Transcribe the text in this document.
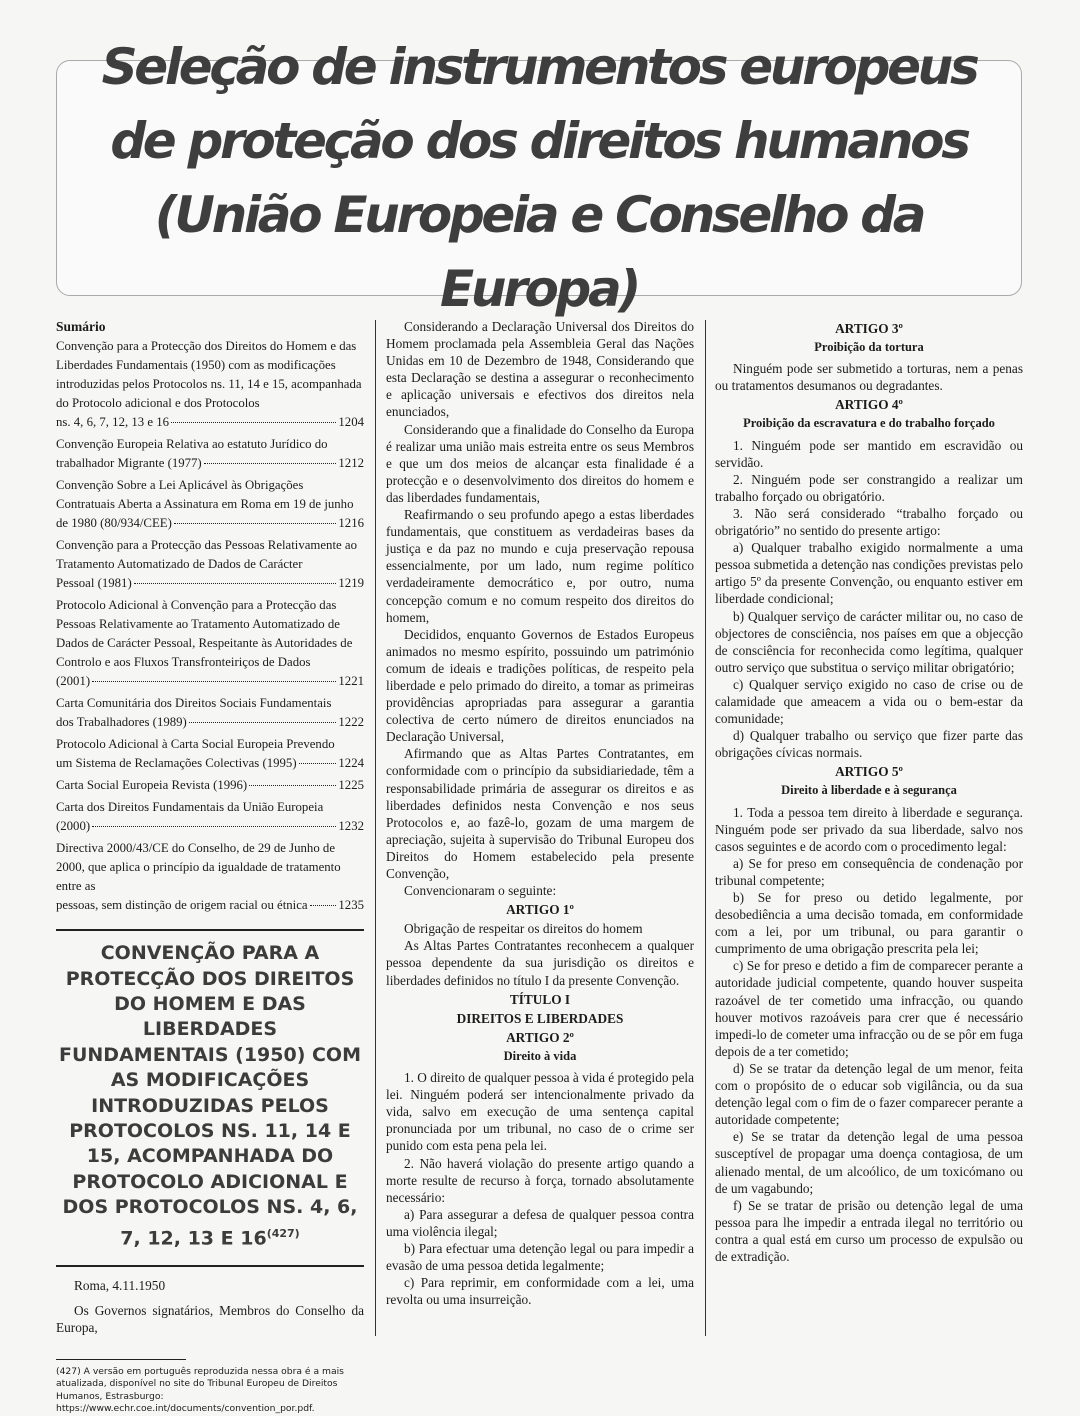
Seleção de instrumentos europeus de proteção dos direitos humanos (União Europeia e Conselho da Europa)
Sumário
Convenção para a Protecção dos Direitos do Homem e das Liberdades Fundamentais (1950) com as modificações introduzidas pelos Protocolos ns. 11, 14 e 15, acompanhada do Protocolo adicional e dos Protocolos
ns. 4, 6, 7, 12, 13 e 16	1204
Convenção Europeia Relativa ao estatuto Jurídico do
trabalhador Migrante (1977)	1212
Convenção Sobre a Lei Aplicável às Obrigações Contratuais Aberta a Assinatura em Roma em 19 de junho
de 1980 (80/934/CEE)	1216
Convenção para a Protecção das Pessoas Relativamente ao Tratamento Automatizado de Dados de Carácter
Pessoal (1981)	1219
Protocolo Adicional à Convenção para a Protecção das Pessoas Relativamente ao Tratamento Automatizado de Dados de Carácter Pessoal, Respeitante às Autoridades de Controlo e aos Fluxos Transfronteiriços de Dados
(2001)	1221
Carta Comunitária dos Direitos Sociais Fundamentais
dos Trabalhadores (1989)	1222
Protocolo Adicional à Carta Social Europeia Prevendo
um Sistema de Reclamações Colectivas (1995)	1224
Carta Social Europeia Revista (1996)	1225
Carta dos Direitos Fundamentais da União Europeia
(2000)	1232
Directiva 2000/43/CE do Conselho, de 29 de Junho de 2000, que aplica o princípio da igualdade de tratamento entre as
pessoas, sem distinção de origem racial ou étnica 1235
CONVENÇÃO PARA A PROTECÇÃO DOS DIREITOS DO HOMEM E DAS LIBERDADES FUNDAMENTAIS (1950) COM AS MODIFICAÇÕES INTRODUZIDAS PELOS PROTOCOLOS NS. 11, 14 E 15, ACOMPANHADA DO PROTOCOLO ADICIONAL E DOS PROTOCOLOS NS. 4, 6, 7, 12, 13 E 16$^{(427)}$

Roma, 4.11.1950

Os Governos signatários, Membros do Conselho da Europa,

(427) A versão em português reproduzida nessa obra é a mais atualizada, disponível no site do Tribunal Europeu de Direitos Humanos, Estrasburgo: https://www.echr.coe.int/documents/convention_por.pdf.

Considerando a Declaração Universal dos Direitos do Homem proclamada pela Assembleia Geral das Nações Unidas em 10 de Dezembro de 1948, Considerando que esta Declaração se destina a assegurar o reconhecimento e aplicação universais e efectivos dos direitos nela enunciados,

Considerando que a finalidade do Conselho da Europa é realizar uma união mais estreita entre os seus Membros e que um dos meios de alcançar esta finalidade é a protecção e o desenvolvimento dos direitos do homem e das liberdades fundamentais,

Reafirmando o seu profundo apego a estas liberdades fundamentais, que constituem as verdadeiras bases da justiça e da paz no mundo e cuja preservação repousa essencialmente, por um lado, num regime político verdadeiramente democrático e, por outro, numa concepção comum e no comum respeito dos direitos do homem,

Decididos, enquanto Governos de Estados Europeus animados no mesmo espírito, possuindo um património comum de ideais e tradições políticas, de respeito pela liberdade e pelo primado do direito, a tomar as primeiras providências apropriadas para assegurar a garantia colectiva de certo número de direitos enunciados na Declaração Universal,

Afirmando que as Altas Partes Contratantes, em conformidade com o princípio da subsidiariedade, têm a responsabilidade primária de assegurar os direitos e as liberdades definidos nesta Convenção e nos seus Protocolos e, ao fazê-lo, gozam de uma margem de apreciação, sujeita à supervisão do Tribunal Europeu dos Direitos do Homem estabelecido pela presente Convenção,

Convencionaram o seguinte:

ARTIGO 1º

Obrigação de respeitar os direitos do homem

As Altas Partes Contratantes reconhecem a qualquer pessoa dependente da sua jurisdição os direitos e liberdades definidos no título I da presente Convenção.

TÍTULO I
DIREITOS E LIBERDADES
ARTIGO 2º
Direito à vida

1. O direito de qualquer pessoa à vida é protegido pela lei. Ninguém poderá ser intencionalmente privado da vida, salvo em execução de uma sentença capital pronunciada por um tribunal, no caso de o crime ser punido com esta pena pela lei.

2. Não haverá violação do presente artigo quando a morte resulte de recurso à força, tornado absolutamente necessário:

a) Para assegurar a defesa de qualquer pessoa contra uma violência ilegal;

b) Para efectuar uma detenção legal ou para impedir a evasão de uma pessoa detida legalmente;

c) Para reprimir, em conformidade com a lei, uma revolta ou uma insurreição.

ARTIGO 3º
Proibição da tortura

Ninguém pode ser submetido a torturas, nem a penas ou tratamentos desumanos ou degradantes.

ARTIGO 4º
Proibição da escravatura e do trabalho forçado

1. Ninguém pode ser mantido em escravidão ou servidão.

2. Ninguém pode ser constrangido a realizar um trabalho forçado ou obrigatório.

3. Não será considerado “trabalho forçado ou obrigatório” no sentido do presente artigo:

a) Qualquer trabalho exigido normalmente a uma pessoa submetida a detenção nas condições previstas pelo artigo 5º da presente Convenção, ou enquanto estiver em liberdade condicional;

b) Qualquer serviço de carácter militar ou, no caso de objectores de consciência, nos países em que a objecção de consciência for reconhecida como legítima, qualquer outro serviço que substitua o serviço militar obrigatório;

c) Qualquer serviço exigido no caso de crise ou de calamidade que ameacem a vida ou o bem-estar da comunidade;

d) Qualquer trabalho ou serviço que fizer parte das obrigações cívicas normais.

ARTIGO 5º
Direito à liberdade e à segurança

1. Toda a pessoa tem direito à liberdade e segurança. Ninguém pode ser privado da sua liberdade, salvo nos casos seguintes e de acordo com o procedimento legal:

a) Se for preso em consequência de condenação por tribunal competente;

b) Se for preso ou detido legalmente, por desobediência a uma decisão tomada, em conformidade com a lei, por um tribunal, ou para garantir o cumprimento de uma obrigação prescrita pela lei;

c) Se for preso e detido a fim de comparecer perante a autoridade judicial competente, quando houver suspeita razoável de ter cometido uma infracção, ou quando houver motivos razoáveis para crer que é necessário impedi-lo de cometer uma infracção ou de se pôr em fuga depois de a ter cometido;

d) Se se tratar da detenção legal de um menor, feita com o propósito de o educar sob vigilância, ou da sua detenção legal com o fim de o fazer comparecer perante a autoridade competente;

e) Se se tratar da detenção legal de uma pessoa susceptível de propagar uma doença contagiosa, de um alienado mental, de um alcoólico, de um toxicómano ou de um vagabundo;

f) Se se tratar de prisão ou detenção legal de uma pessoa para lhe impedir a entrada ilegal no território ou contra a qual está em curso um processo de expulsão ou de extradição.
